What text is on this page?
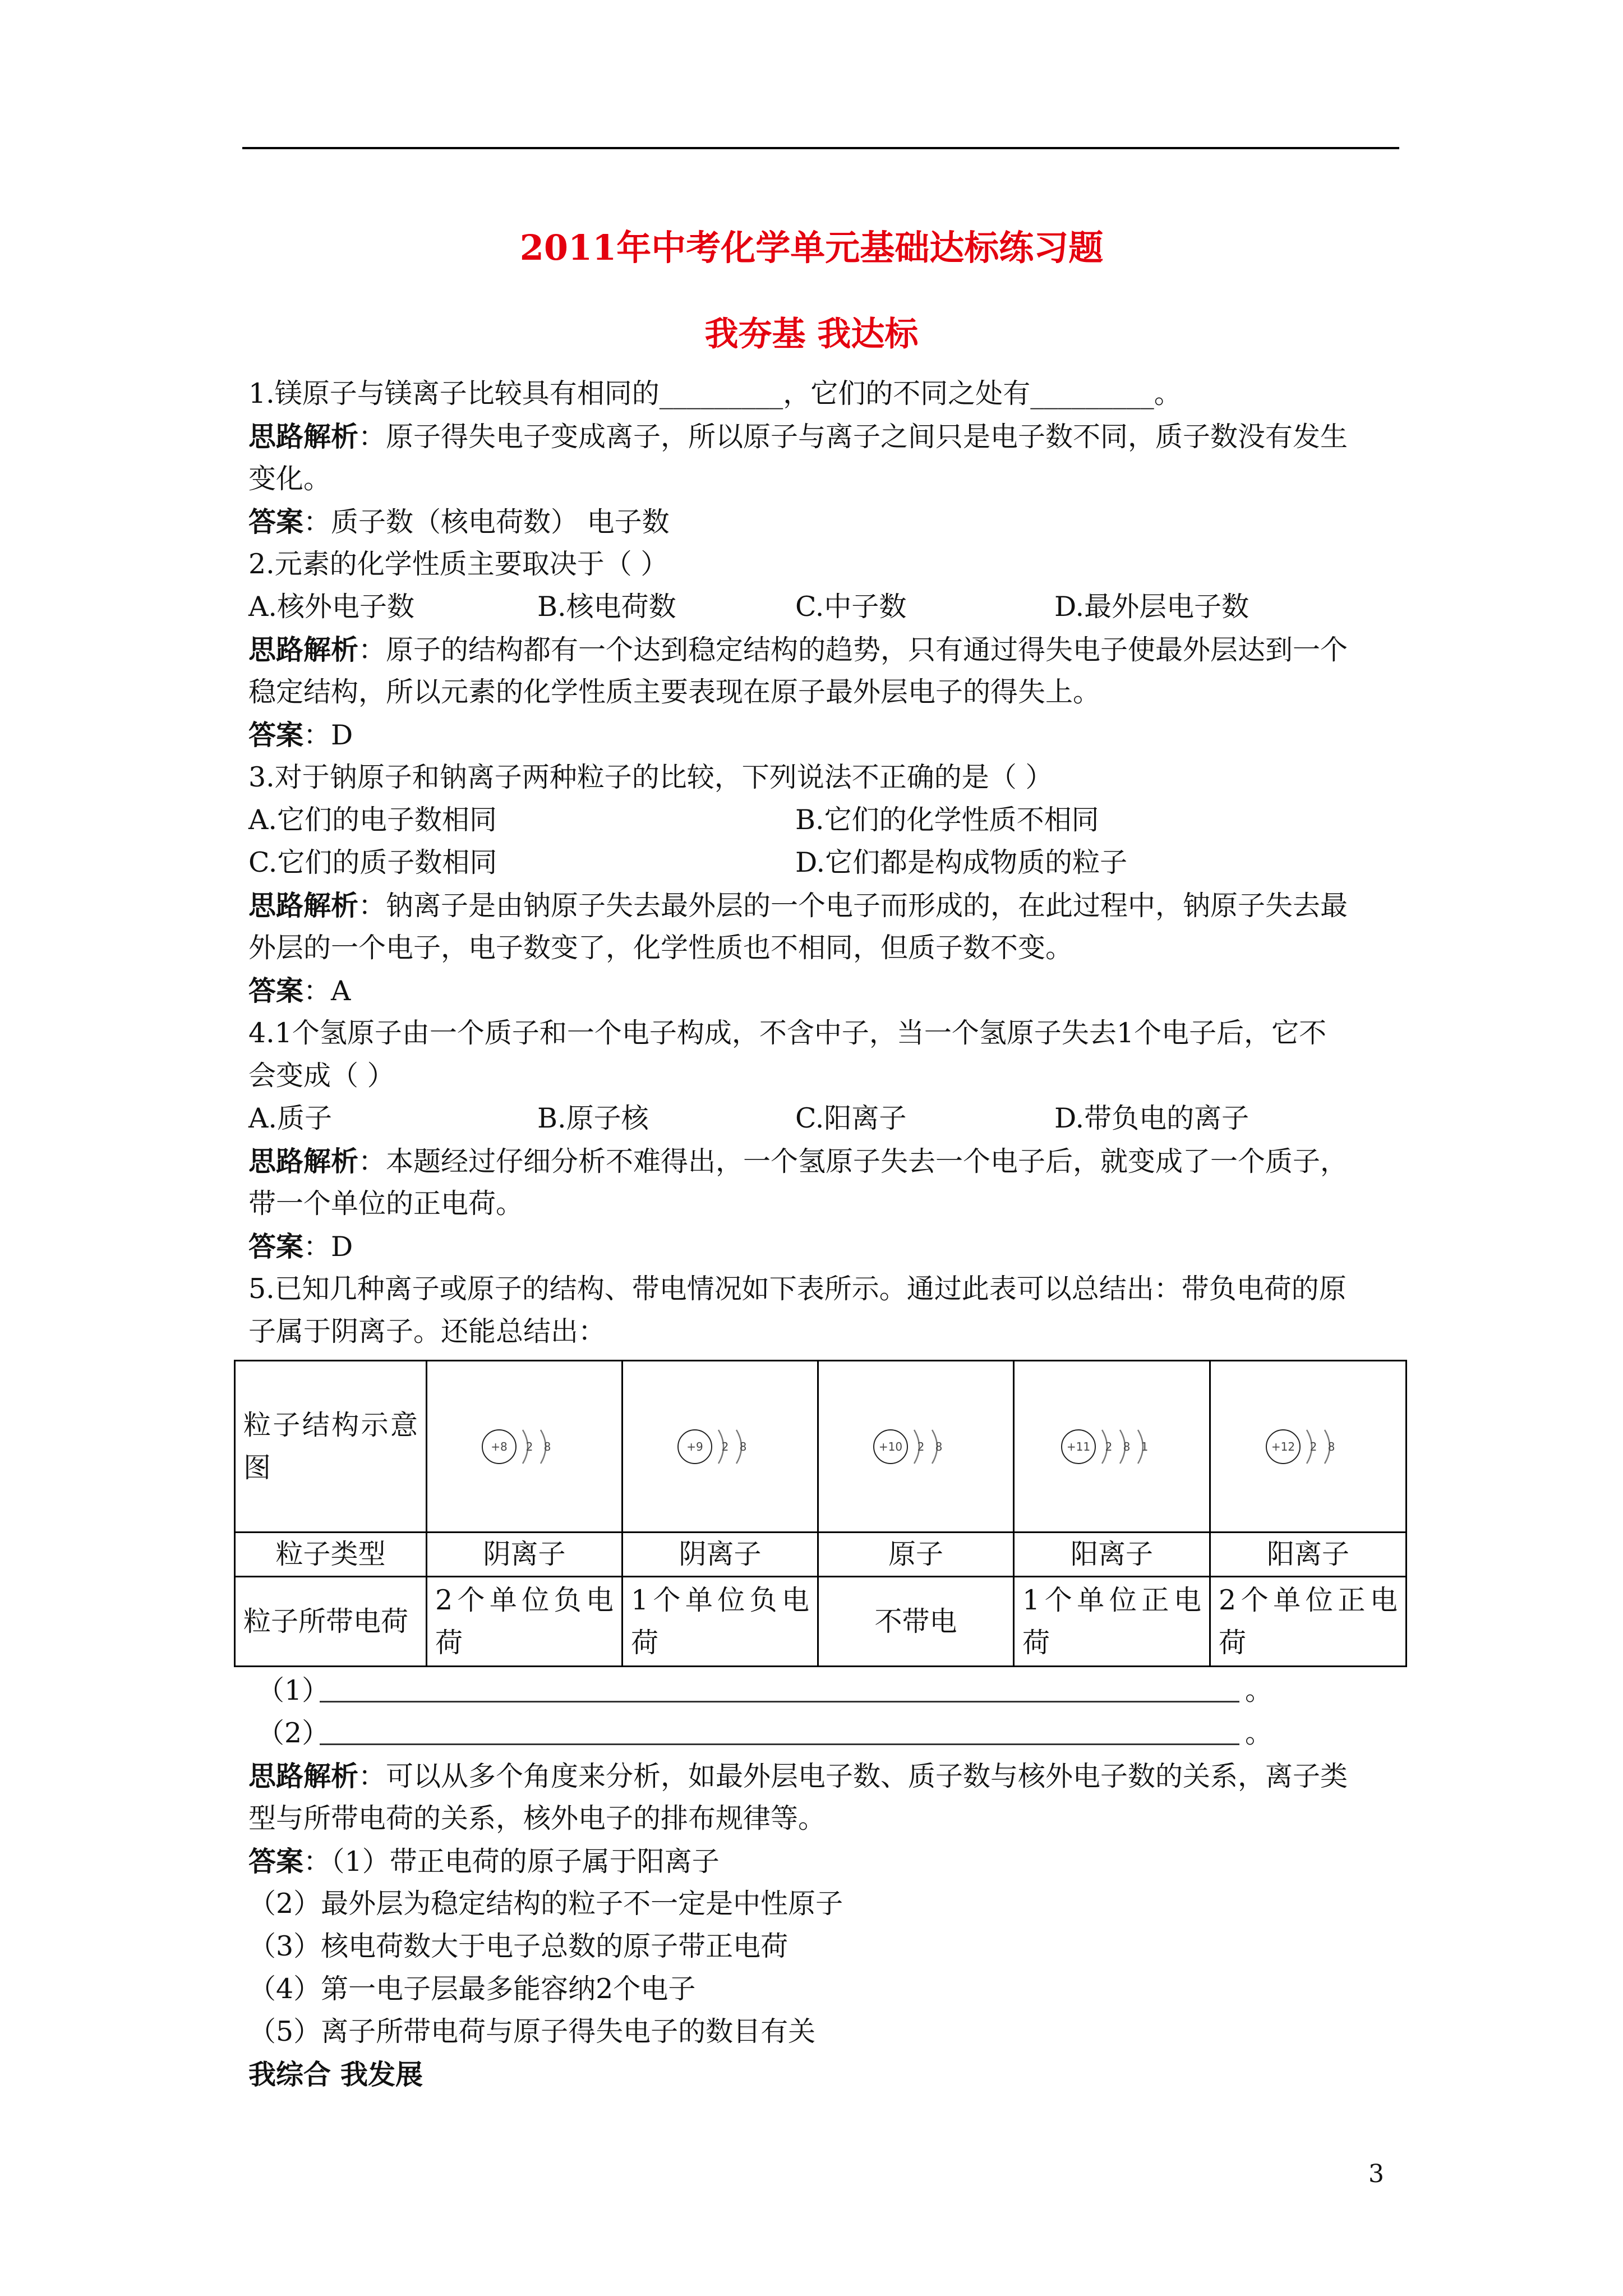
2011年中考化学单元基础达标练习题
我夯基 我达标
1.镁原子与镁离子比较具有相同的_________，它们的不同之处有_________。
思路解析：原子得失电子变成离子，所以原子与离子之间只是电子数不同，质子数没有发生
变化。
答案：质子数（核电荷数） 电子数
2.元素的化学性质主要取决于（ ）
A.核外电子数	B.核电荷数	C.中子数	D.最外层电子数
思路解析：原子的结构都有一个达到稳定结构的趋势，只有通过得失电子使最外层达到一个
稳定结构，所以元素的化学性质主要表现在原子最外层电子的得失上。
答案：D
3.对于钠原子和钠离子两种粒子的比较，下列说法不正确的是（ ）
A.它们的电子数相同	B.它们的化学性质不相同
C.它们的质子数相同	D.它们都是构成物质的粒子
思路解析：钠离子是由钠原子失去最外层的一个电子而形成的，在此过程中，钠原子失去最
外层的一个电子，电子数变了，化学性质也不相同，但质子数不变。
答案：A
4.1个氢原子由一个质子和一个电子构成，不含中子，当一个氢原子失去1个电子后，它不
会变成（ ）
A.质子	B.原子核	C.阳离子	D.带负电的离子
思路解析：本题经过仔细分析不难得出，一个氢原子失去一个电子后，就变成了一个质子，
带一个单位的正电荷。
答案：D
5.已知几种离子或原子的结构、带电情况如下表所示。通过此表可以总结出：带负电荷的原
子属于阴离子。还能总结出：
粒子结构示意图	+8 2 8	+9 2 8	+10 2 8	+11 2 8 1	+12 2 8

粒子类型	阴离子	阴离子	原子	阳离子	阳离子
粒子所带电荷	2个单位负电荷	1个单位负电荷	不带电	1个单位正电荷	2个单位正电荷
（1）	。
（2）	。
思路解析：可以从多个角度来分析，如最外层电子数、质子数与核外电子数的关系，离子类
型与所带电荷的关系，核外电子的排布规律等。
答案：（1）带正电荷的原子属于阳离子
（2）最外层为稳定结构的粒子不一定是中性原子
（3）核电荷数大于电子总数的原子带正电荷
（4）第一电子层最多能容纳2个电子
（5）离子所带电荷与原子得失电子的数目有关
我综合 我发展
3
